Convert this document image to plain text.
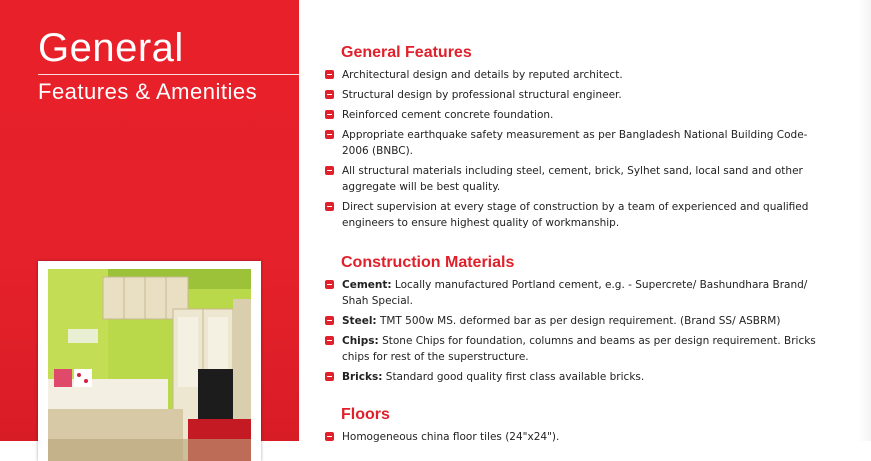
General
Features & Amenities
General Features
Architectural design and details by reputed architect.
Structural design by professional structural engineer.
Reinforced cement concrete foundation.
Appropriate earthquake safety measurement as per Bangladesh National Building Code-2006 (BNBC).
All structural materials including steel, cement, brick, Sylhet sand, local sand and other aggregate will be best quality.
Direct supervision at every stage of construction by a team of experienced and qualified engineers to ensure highest quality of workmanship.
Construction Materials
Cement: Locally manufactured Portland cement, e.g. - Supercrete/ Bashundhara Brand/ Shah Special.
Steel: TMT 500w MS. deformed bar as per design requirement. (Brand SS/ ASBRM)
Chips: Stone Chips for foundation, columns and beams as per design requirement. Bricks chips for rest of the superstructure.
Bricks: Standard good quality first class available bricks.
Floors
Homogeneous china floor tiles (24"x24").
